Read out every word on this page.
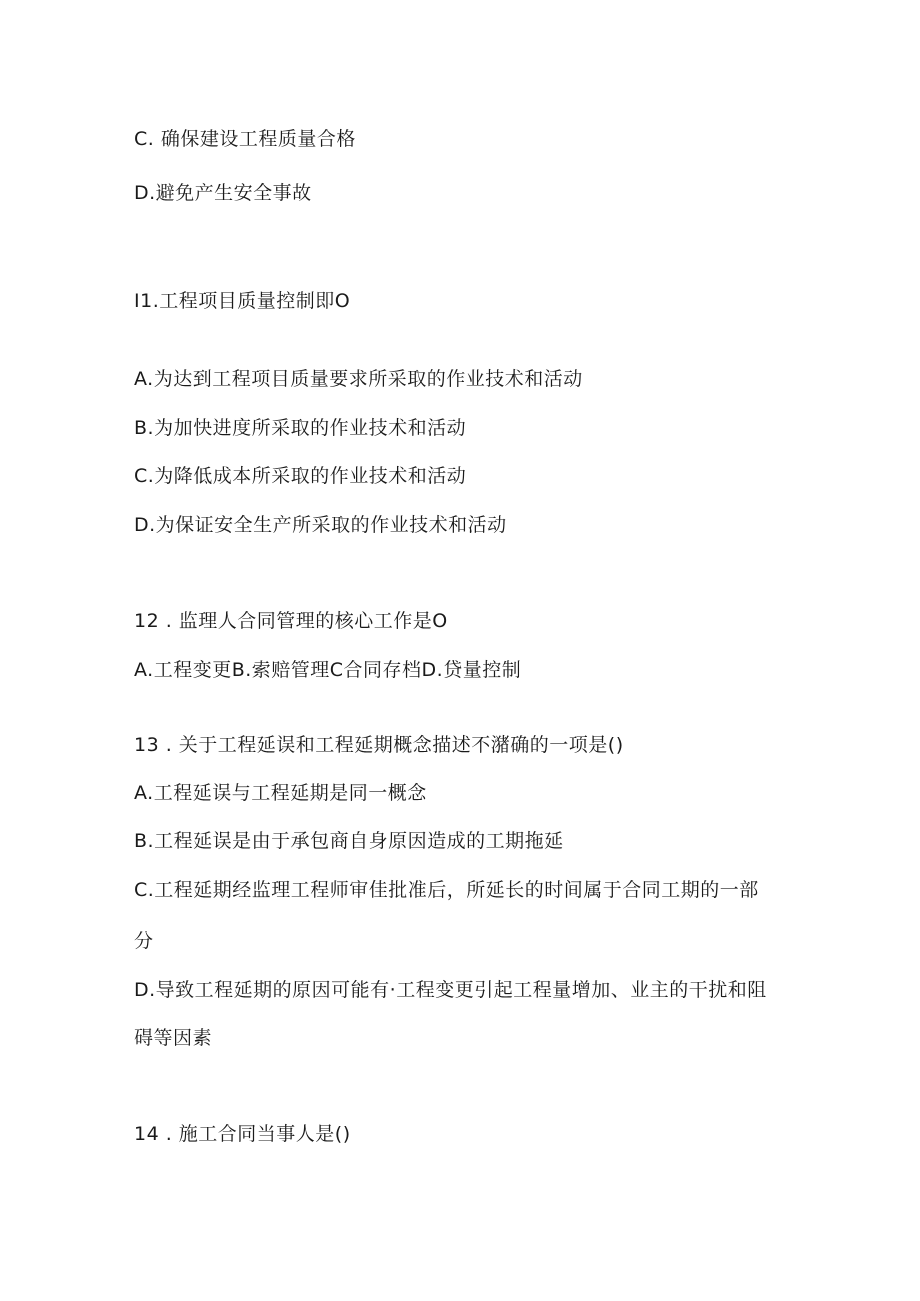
C. 确保建设工程质量合格
D.避免产生安全事故
I1.工程项目质量控制即O
A.为达到工程项目质量要求所采取的作业技术和活动
B.为加快进度所采取的作业技术和活动
C.为降低成本所采取的作业技术和活动
D.为保证安全生产所采取的作业技术和活动
12 . 监理人合同管理的核心工作是O
A.工程变更B.索赔管理C合同存档D.贷量控制
13 . 关于工程延误和工程延期概念描述不潴确的一项是()
A.工程延误与工程延期是同一概念
B.工程延误是由于承包商自身原因造成的工期拖延
C.工程延期经监理工程师审佳批准后，所延长的时间属于合同工期的一部
分
D.导致工程延期的原因可能有·工程变更引起工程量增加、业主的干扰和阻
碍等因素
14 . 施工合同当事人是()
